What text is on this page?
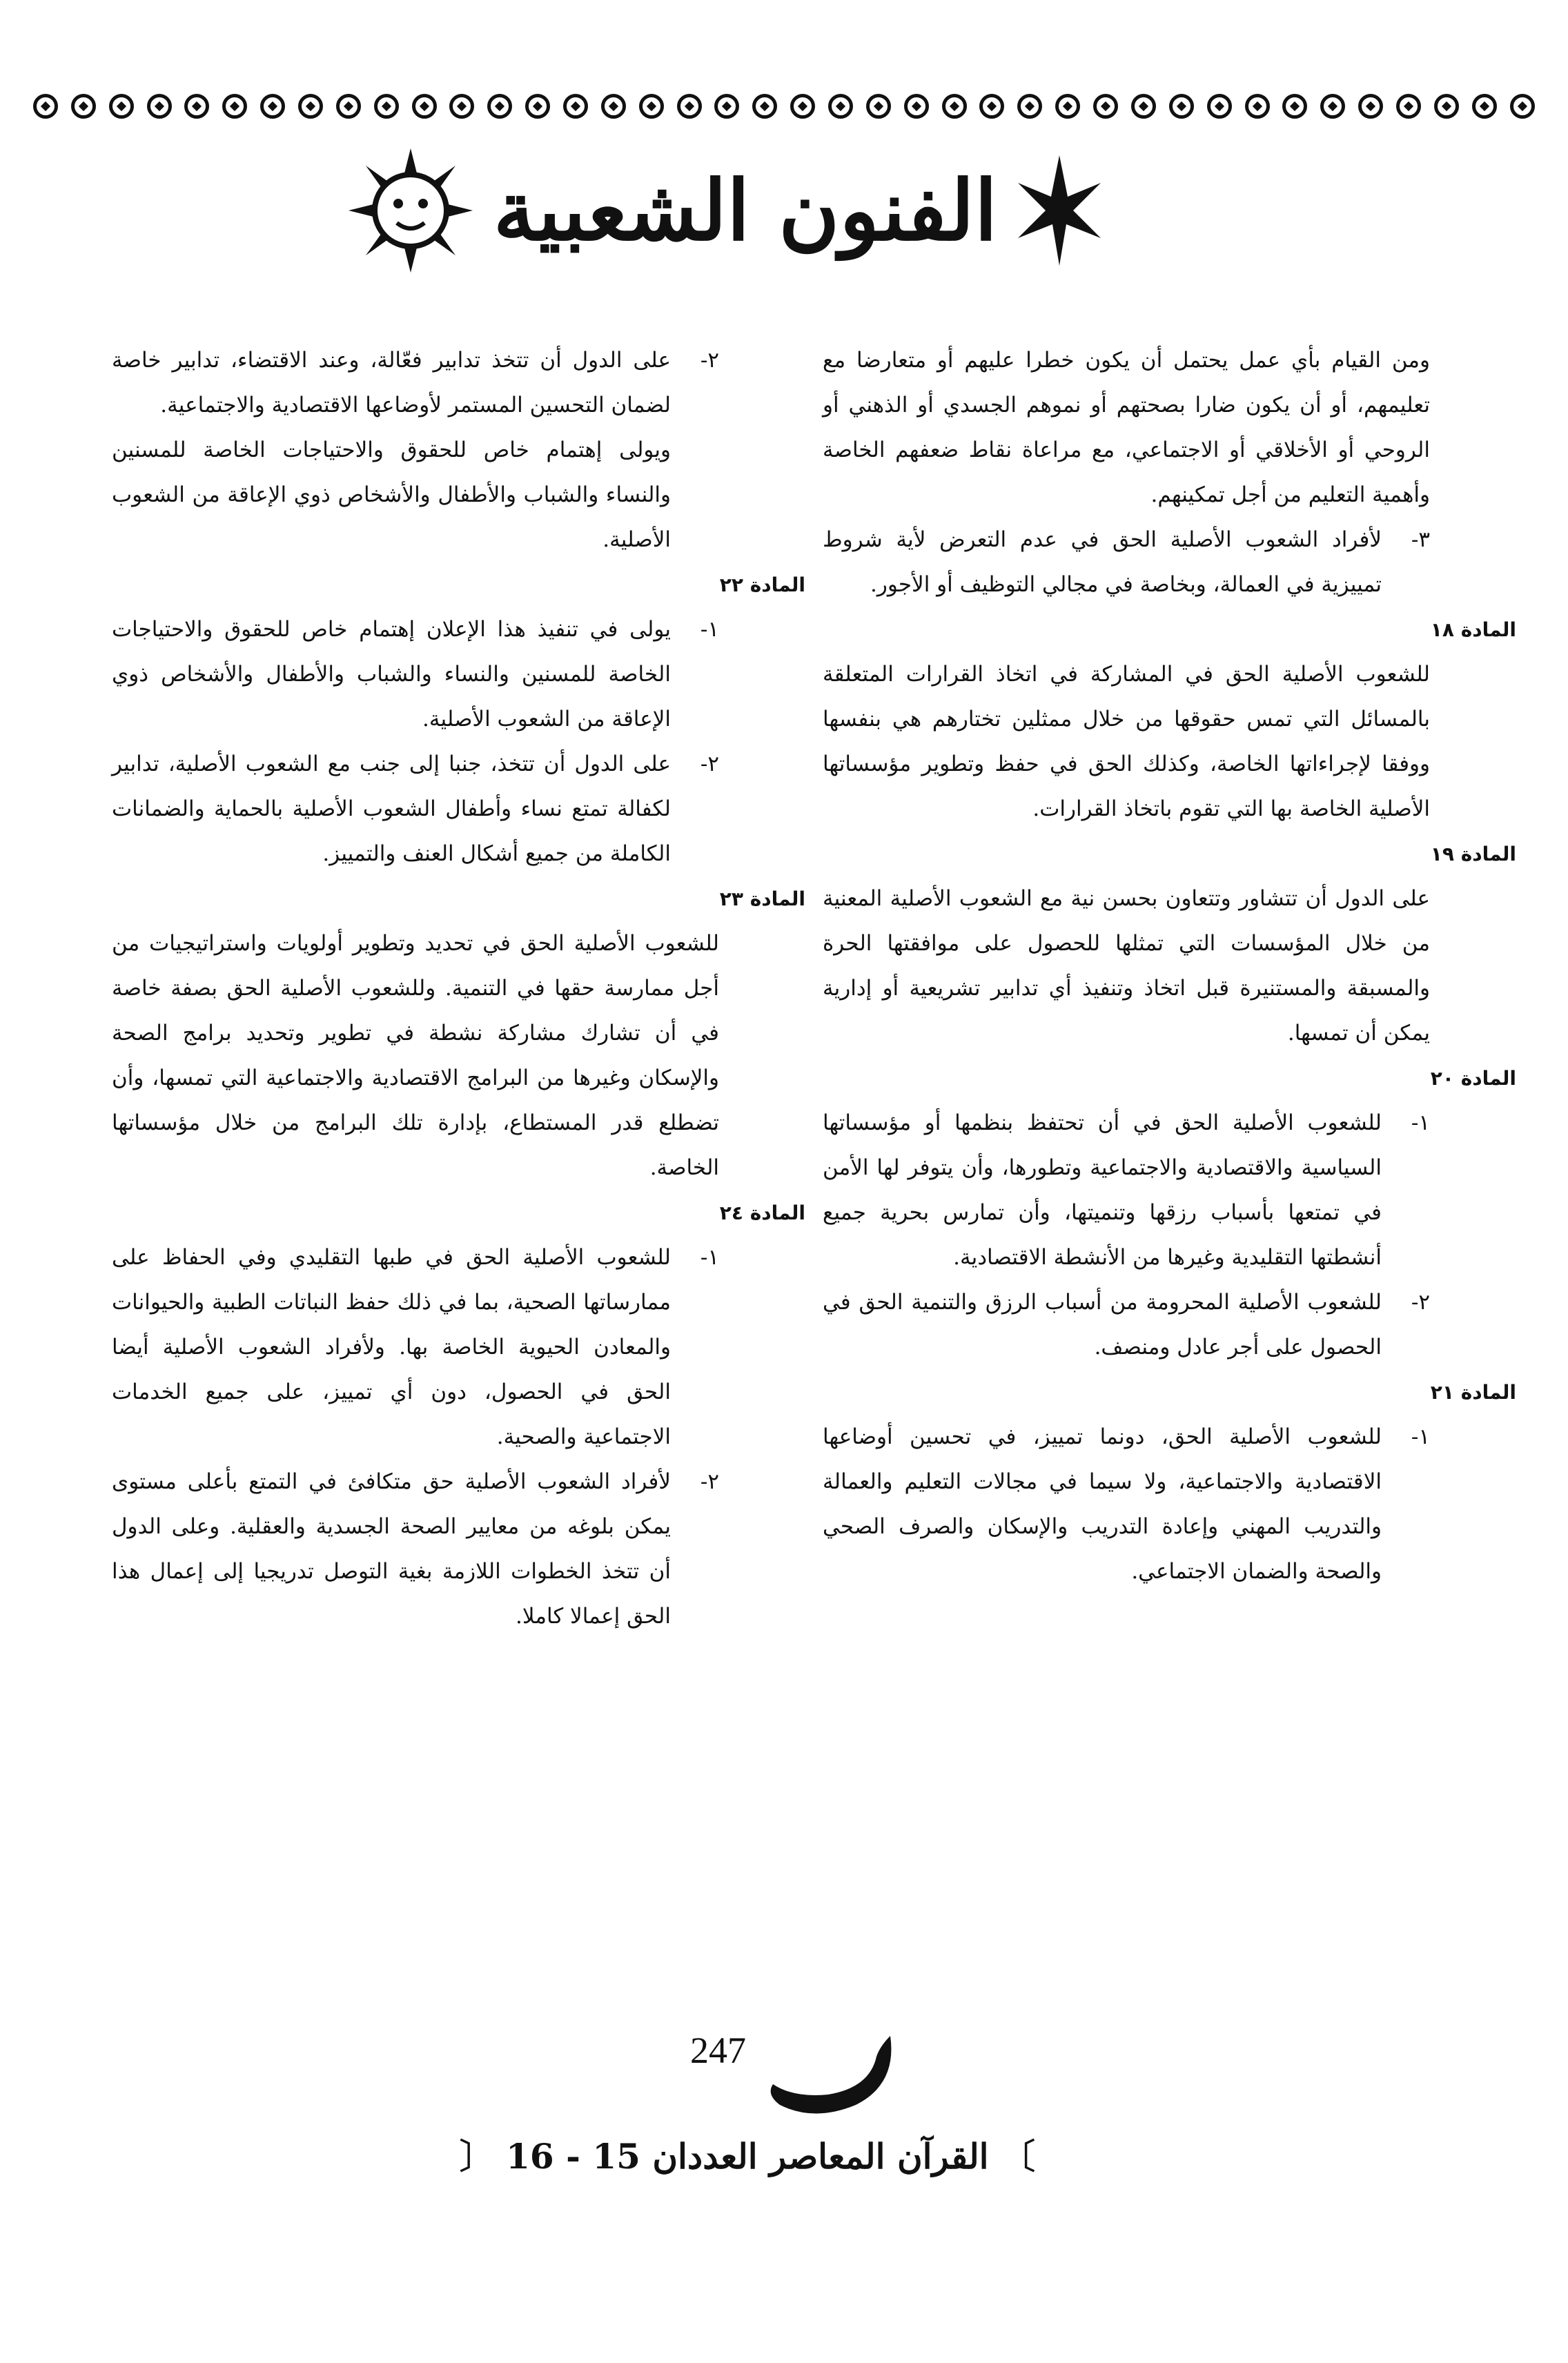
الفنون الشعبية

ومن القيام بأي عمل يحتمل أن يكون خطرا عليهم أو متعارضا مع تعليمهم، أو أن يكون ضارا بصحتهم أو نموهم الجسدي أو الذهني أو الروحي أو الأخلاقي أو الاجتماعي، مع مراعاة نقاط ضعفهم الخاصة وأهمية التعليم من أجل تمكينهم.

٣-
لأفراد الشعوب الأصلية الحق في عدم التعرض لأية شروط تمييزية في العمالة، وبخاصة في مجالي التوظيف أو الأجور.
المادة ١٨

للشعوب الأصلية الحق في المشاركة في اتخاذ القرارات المتعلقة بالمسائل التي تمس حقوقها من خلال ممثلين تختارهم هي بنفسها ووفقا لإجراءاتها الخاصة، وكذلك الحق في حفظ وتطوير مؤسساتها الأصلية الخاصة بها التي تقوم باتخاذ القرارات.

المادة ١٩

على الدول أن تتشاور وتتعاون بحسن نية مع الشعوب الأصلية المعنية من خلال المؤسسات التي تمثلها للحصول على موافقتها الحرة والمسبقة والمستنيرة قبل اتخاذ وتنفيذ أي تدابير تشريعية أو إدارية يمكن أن تمسها.

المادة ٢٠
١-
للشعوب الأصلية الحق في أن تحتفظ بنظمها أو مؤسساتها السياسية والاقتصادية والاجتماعية وتطورها، وأن يتوفر لها الأمن في تمتعها بأسباب رزقها وتنميتها، وأن تمارس بحرية جميع أنشطتها التقليدية وغيرها من الأنشطة الاقتصادية.
٢-
للشعوب الأصلية المحرومة من أسباب الرزق والتنمية الحق في الحصول على أجر عادل ومنصف.
المادة ٢١
١-
للشعوب الأصلية الحق، دونما تمييز، في تحسين أوضاعها الاقتصادية والاجتماعية، ولا سيما في مجالات التعليم والعمالة والتدريب المهني وإعادة التدريب والإسكان والصرف الصحي والصحة والضمان الاجتماعي.
٢-
على الدول أن تتخذ تدابير فعّالة، وعند الاقتضاء، تدابير خاصة لضمان التحسين المستمر لأوضاعها الاقتصادية والاجتماعية.

ويولى إهتمام خاص للحقوق والاحتياجات الخاصة للمسنين والنساء والشباب والأطفال والأشخاص ذوي الإعاقة من الشعوب الأصلية.

المادة ٢٢
١-
يولى في تنفيذ هذا الإعلان إهتمام خاص للحقوق والاحتياجات الخاصة للمسنين والنساء والشباب والأطفال والأشخاص ذوي الإعاقة من الشعوب الأصلية.
٢-
على الدول أن تتخذ، جنبا إلى جنب مع الشعوب الأصلية، تدابير لكفالة تمتع نساء وأطفال الشعوب الأصلية بالحماية والضمانات الكاملة من جميع أشكال العنف والتمييز.
المادة ٢٣

للشعوب الأصلية الحق في تحديد وتطوير أولويات واستراتيجيات من أجل ممارسة حقها في التنمية. وللشعوب الأصلية الحق بصفة خاصة في أن تشارك مشاركة نشطة في تطوير وتحديد برامج الصحة والإسكان وغيرها من البرامج الاقتصادية والاجتماعية التي تمسها، وأن تضطلع قدر المستطاع، بإدارة تلك البرامج من خلال مؤسساتها الخاصة.

المادة ٢٤
١-
للشعوب الأصلية الحق في طبها التقليدي وفي الحفاظ على ممارساتها الصحية، بما في ذلك حفظ النباتات الطبية والحيوانات والمعادن الحيوية الخاصة بها. ولأفراد الشعوب الأصلية أيضا الحق في الحصول، دون أي تمييز، على جميع الخدمات الاجتماعية والصحية.
٢-
لأفراد الشعوب الأصلية حق متكافئ في التمتع بأعلى مستوى يمكن بلوغه من معايير الصحة الجسدية والعقلية. وعلى الدول أن تتخذ الخطوات اللازمة بغية التوصل تدريجيا إلى إعمال هذا الحق إعمالا كاملا.
247
〕 القرآن المعاصر العددان 15 - 16 〔
